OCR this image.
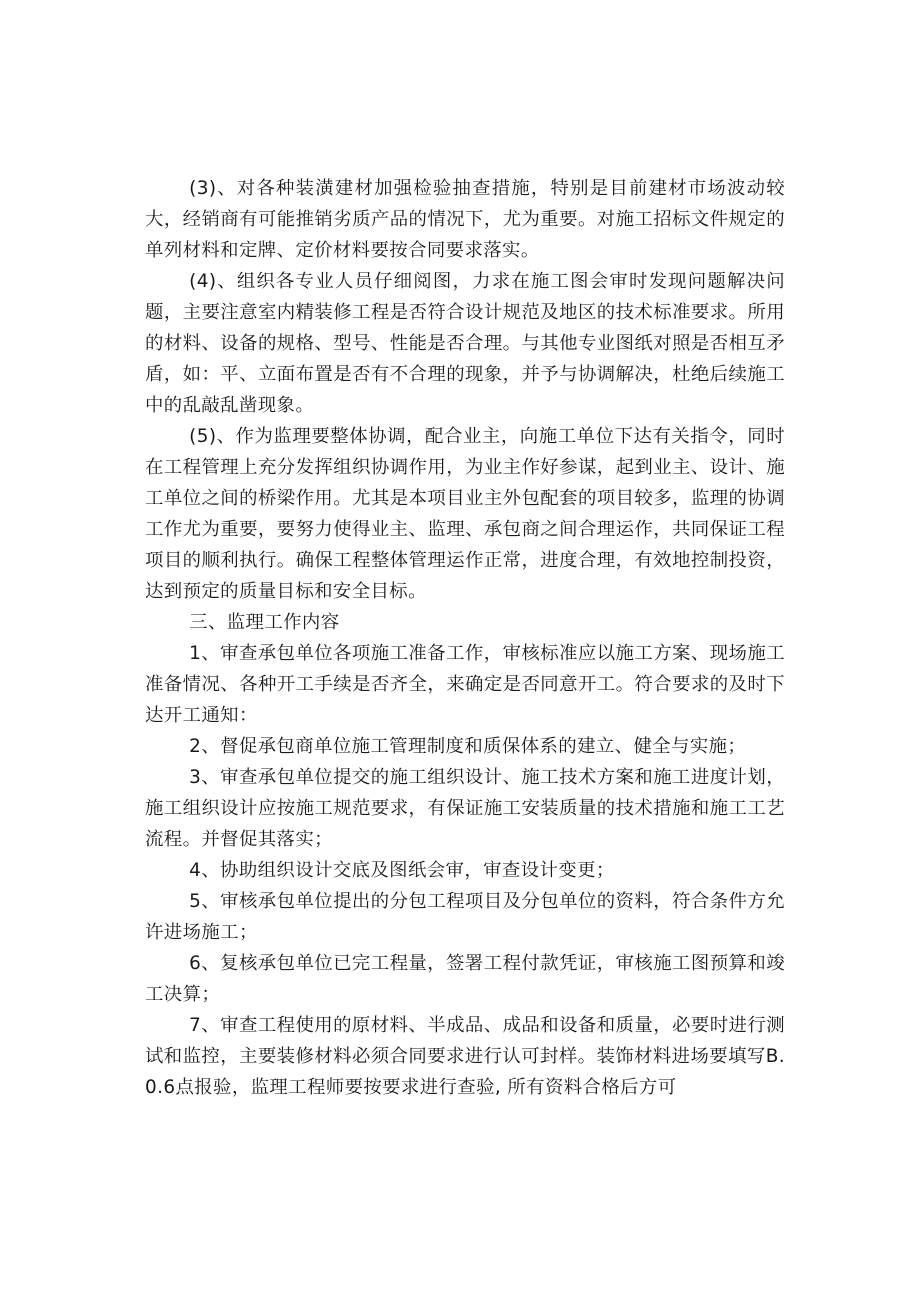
(3)、对各种装潢建材加强检验抽查措施，特别是目前建材市场波动较大，经销商有可能推销劣质产品的情况下，尤为重要。对施工招标文件规定的单列材料和定牌、定价材料要按合同要求落实。

(4)、组织各专业人员仔细阅图，力求在施工图会审时发现问题解决问题，主要注意室内精装修工程是否符合设计规范及地区的技术标准要求。所用的材料、设备的规格、型号、性能是否合理。与其他专业图纸对照是否相互矛盾，如：平、立面布置是否有不合理的现象，并予与协调解决，杜绝后续施工中的乱敲乱凿现象。

(5)、作为监理要整体协调，配合业主，向施工单位下达有关指令，同时在工程管理上充分发挥组织协调作用，为业主作好参谋，起到业主、设计、施工单位之间的桥梁作用。尤其是本项目业主外包配套的项目较多，监理的协调工作尤为重要，要努力使得业主、监理、承包商之间合理运作，共同保证工程项目的顺利执行。确保工程整体管理运作正常，进度合理，有效地控制投资，达到预定的质量目标和安全目标。

三、监理工作内容

1、审查承包单位各项施工准备工作，审核标准应以施工方案、现场施工准备情况、各种开工手续是否齐全，来确定是否同意开工。符合要求的及时下达开工通知：

2、督促承包商单位施工管理制度和质保体系的建立、健全与实施；

3、审查承包单位提交的施工组织设计、施工技术方案和施工进度计划，施工组织设计应按施工规范要求，有保证施工安装质量的技术措施和施工工艺流程。并督促其落实；

4、协助组织设计交底及图纸会审，审查设计变更；

5、审核承包单位提出的分包工程项目及分包单位的资料，符合条件方允许进场施工；

6、复核承包单位已完工程量，签署工程付款凭证，审核施工图预算和竣工决算；

7、审查工程使用的原材料、半成品、成品和设备和质量，必要时进行测试和监控，主要装修材料必须合同要求进行认可封样。装饰材料进场要填写B.0.6点报验，监理工程师要按要求进行查验, 所有资料合格后方可
